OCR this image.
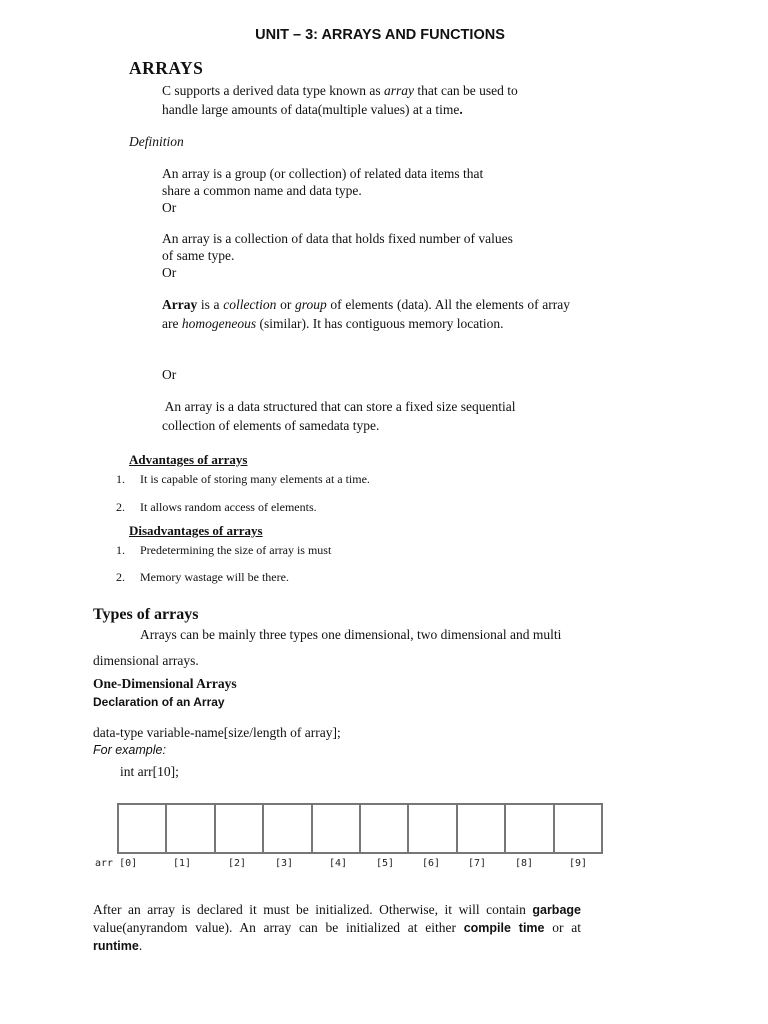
UNIT – 3: ARRAYS AND FUNCTIONS

ARRAYS

C supports a derived data type known as array that can be used to
handle large amounts of data(multiple values) at a time.

Definition

An array is a group (or collection) of related data items that
share a common name and data type.
Or
An array is a collection of data that holds fixed number of values
of same type.
Or
Array is a collection or group of elements (data). All the elements of array are homogeneous (similar). It has contiguous memory location.

Or

An array is a data structured that can store a fixed size sequential
collection of elements of samedata type.

Advantages of arrays

1. It is capable of storing many elements at a time.
2. It allows random access of elements.

Disadvantages of arrays

1. Predetermining the size of array is must
2. Memory wastage will be there.

Types of arrays

Arrays can be mainly three types one dimensional, two dimensional and multi

dimensional arrays.

One-Dimensional Arrays

Declaration of an Array

data-type variable-name[size/length of array];

For example:

int arr[10];

arr [0]	[1]	[2]	[3]	[4]	[5]	[6]	[7]	[8]	[9]
After an array is declared it must be initialized. Otherwise, it will contain garbage value(anyrandom value). An array can be initialized at either compile time or at runtime.
